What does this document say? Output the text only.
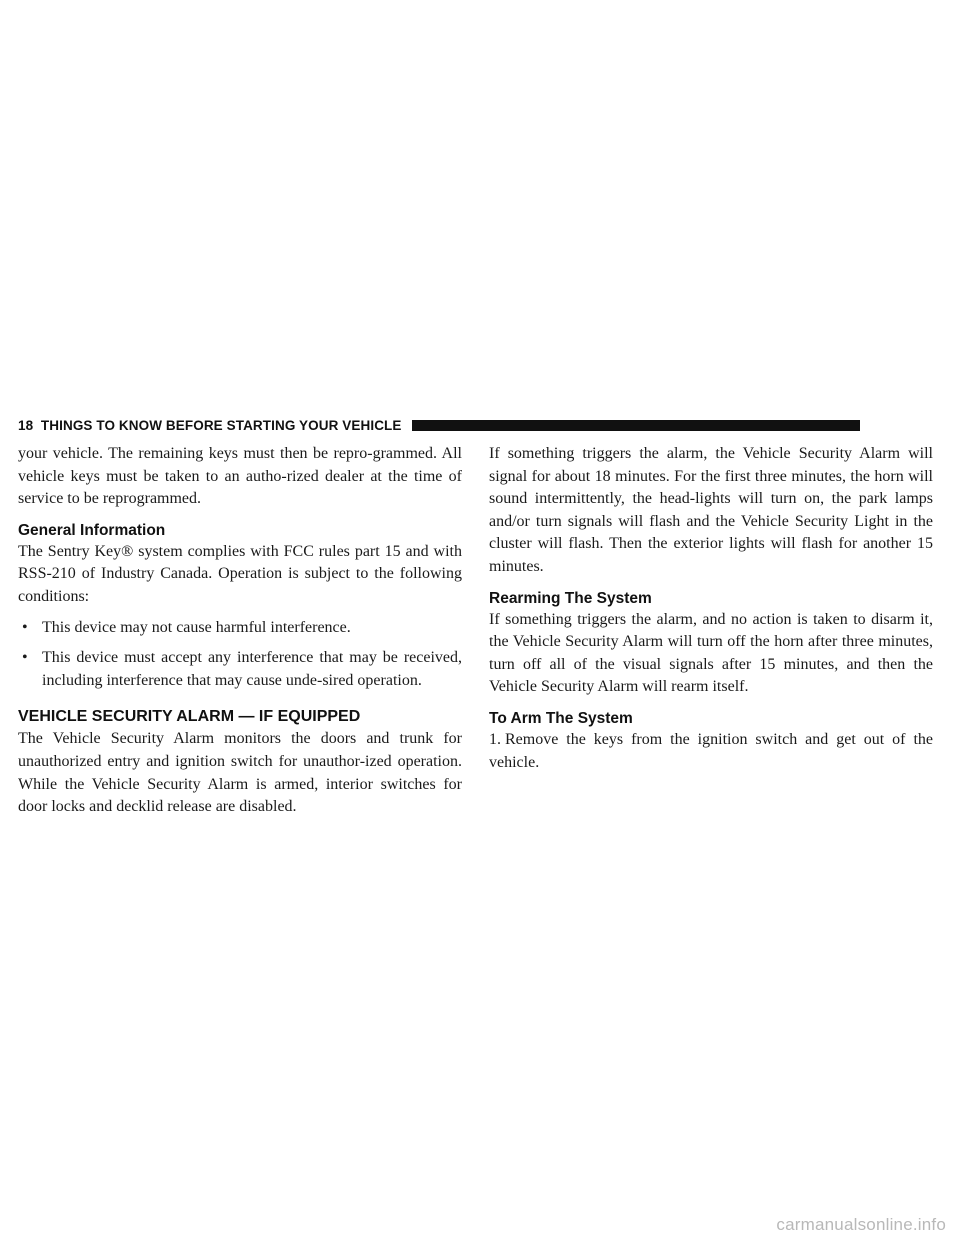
18 THINGS TO KNOW BEFORE STARTING YOUR VEHICLE

your vehicle. The remaining keys must then be repro-grammed. All vehicle keys must be taken to an autho-rized dealer at the time of service to be reprogrammed.

General Information

The Sentry Key® system complies with FCC rules part 15 and with RSS-210 of Industry Canada. Operation is subject to the following conditions:

• This device may not cause harmful interference.
• This device must accept any interference that may be received, including interference that may cause unde-sired operation.
VEHICLE SECURITY ALARM — IF EQUIPPED

The Vehicle Security Alarm monitors the doors and trunk for unauthorized entry and ignition switch for unauthor-ized operation. While the Vehicle Security Alarm is armed, interior switches for door locks and decklid release are disabled.

If something triggers the alarm, the Vehicle Security Alarm will signal for about 18 minutes. For the first three minutes, the horn will sound intermittently, the head-lights will turn on, the park lamps and/or turn signals will flash and the Vehicle Security Light in the cluster will flash. Then the exterior lights will flash for another 15 minutes.

Rearming The System

If something triggers the alarm, and no action is taken to disarm it, the Vehicle Security Alarm will turn off the horn after three minutes, turn off all of the visual signals after 15 minutes, and then the Vehicle Security Alarm will rearm itself.

To Arm The System

1. Remove the keys from the ignition switch and get out of the vehicle.

carmanualsonline.info
